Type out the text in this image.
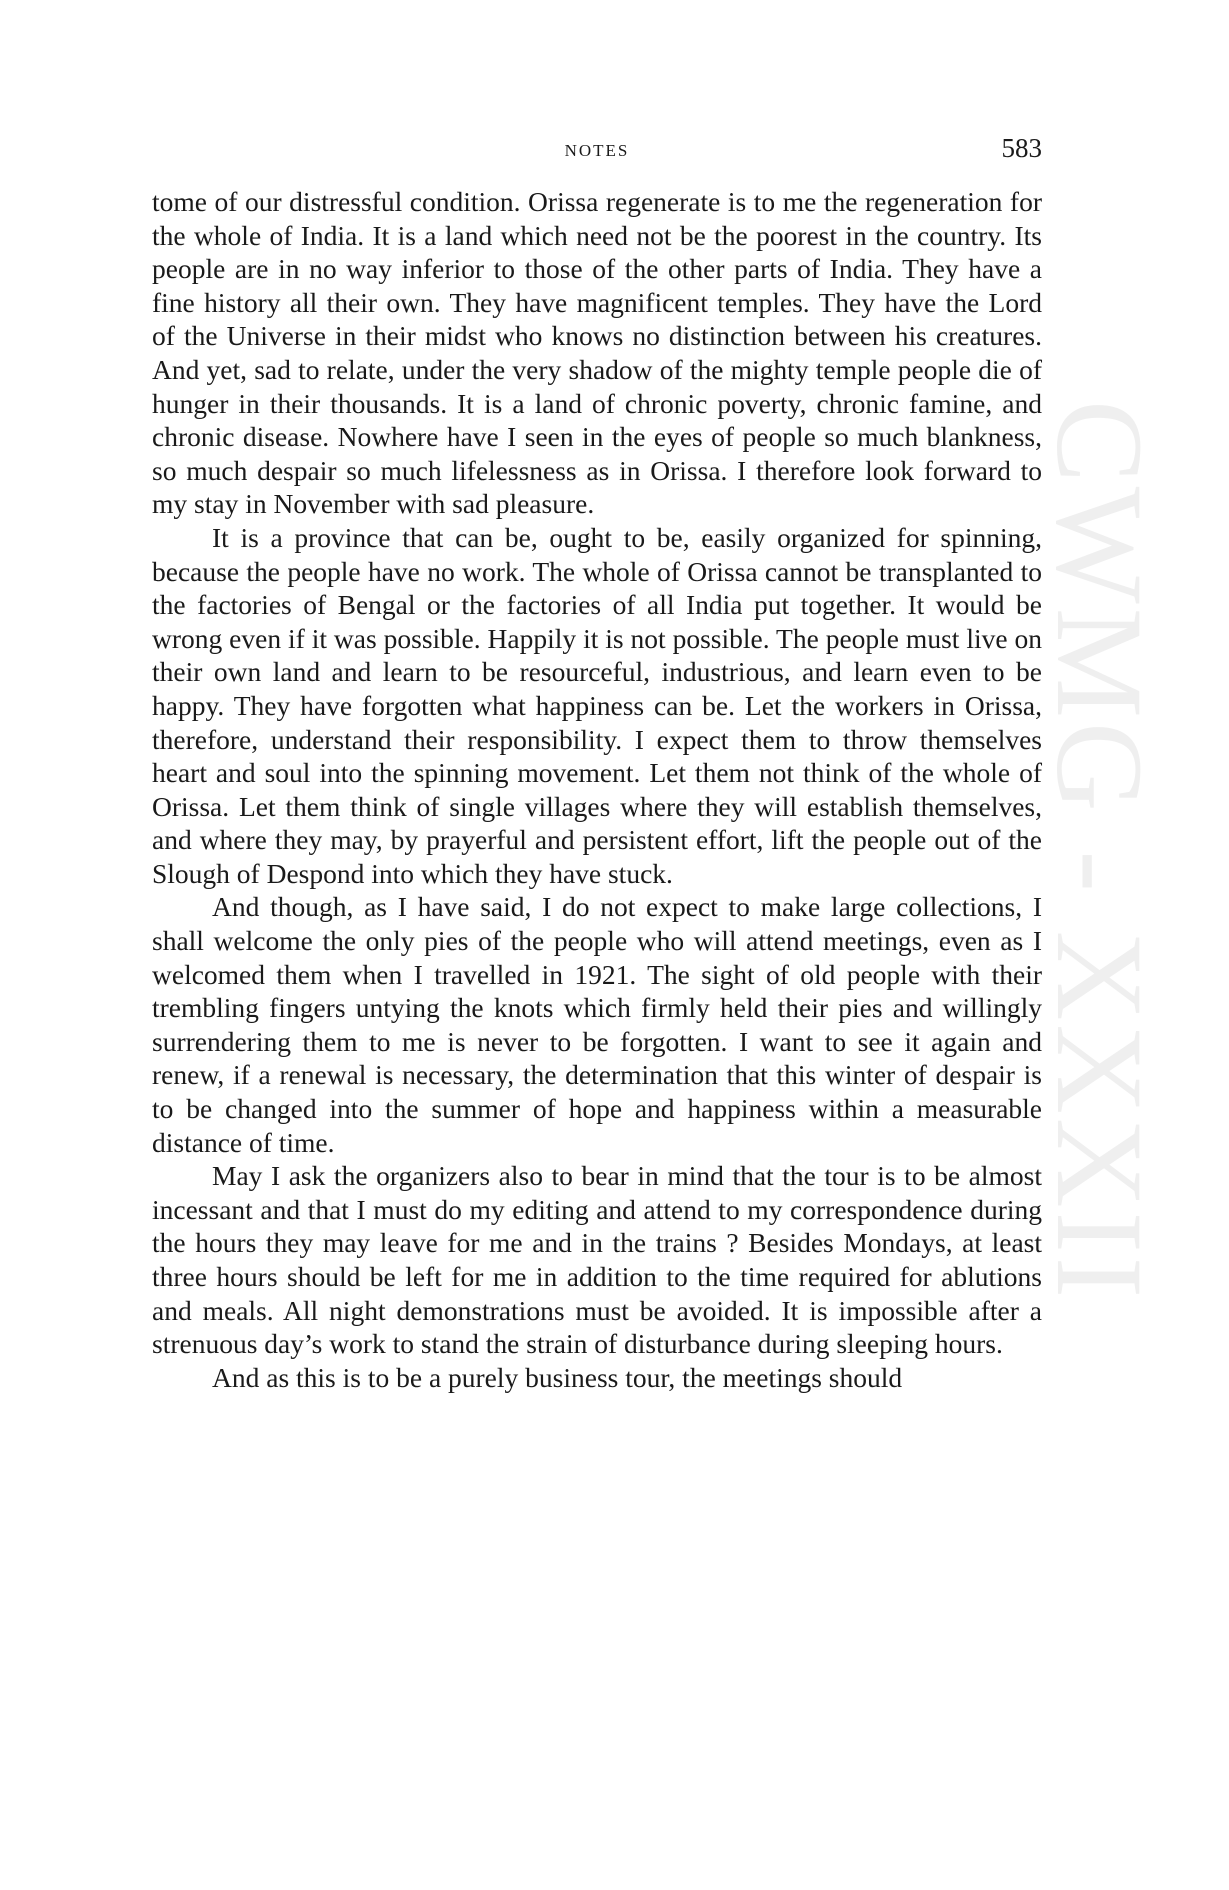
CWMG - XXXII
NOTES	583

tome of our distressful condition. Orissa regenerate is to me the regeneration for the whole of India. It is a land which need not be the poorest in the country. Its people are in no way inferior to those of the other parts of India. They have a fine history all their own. They have magnificent temples. They have the Lord of the Universe in their midst who knows no distinction between his creatures. And yet, sad to relate, under the very shadow of the mighty temple people die of hunger in their thousands. It is a land of chronic poverty, chronic famine, and chronic disease. Nowhere have I seen in the eyes of people so much blankness, so much despair so much lifelessness as in Orissa. I therefore look forward to my stay in November with sad pleasure.

It is a province that can be, ought to be, easily organized for spinning, because the people have no work. The whole of Orissa cannot be transplanted to the factories of Bengal or the factories of all India put together. It would be wrong even if it was possible. Happily it is not possible. The people must live on their own land and learn to be resourceful, industrious, and learn even to be happy. They have forgotten what happiness can be. Let the workers in Orissa, therefore, understand their responsibility. I expect them to throw themselves heart and soul into the spinning movement. Let them not think of the whole of Orissa. Let them think of single villages where they will establish themselves, and where they may, by prayerful and persistent effort, lift the people out of the Slough of Despond into which they have stuck.

And though, as I have said, I do not expect to make large collections, I shall welcome the only pies of the people who will attend meetings, even as I welcomed them when I travelled in 1921. The sight of old people with their trembling fingers untying the knots which firmly held their pies and willingly surrendering them to me is never to be forgotten. I want to see it again and renew, if a renewal is necessary, the determination that this winter of despair is to be changed into the summer of hope and happiness within a measurable distance of time.

May I ask the organizers also to bear in mind that the tour is to be almost incessant and that I must do my editing and attend to my correspondence during the hours they may leave for me and in the trains ? Besides Mondays, at least three hours should be left for me in addition to the time required for ablutions and meals. All night demonstrations must be avoided. It is impossible after a strenuous day’s work to stand the strain of disturbance during sleeping hours.

And as this is to be a purely business tour, the meetings should
